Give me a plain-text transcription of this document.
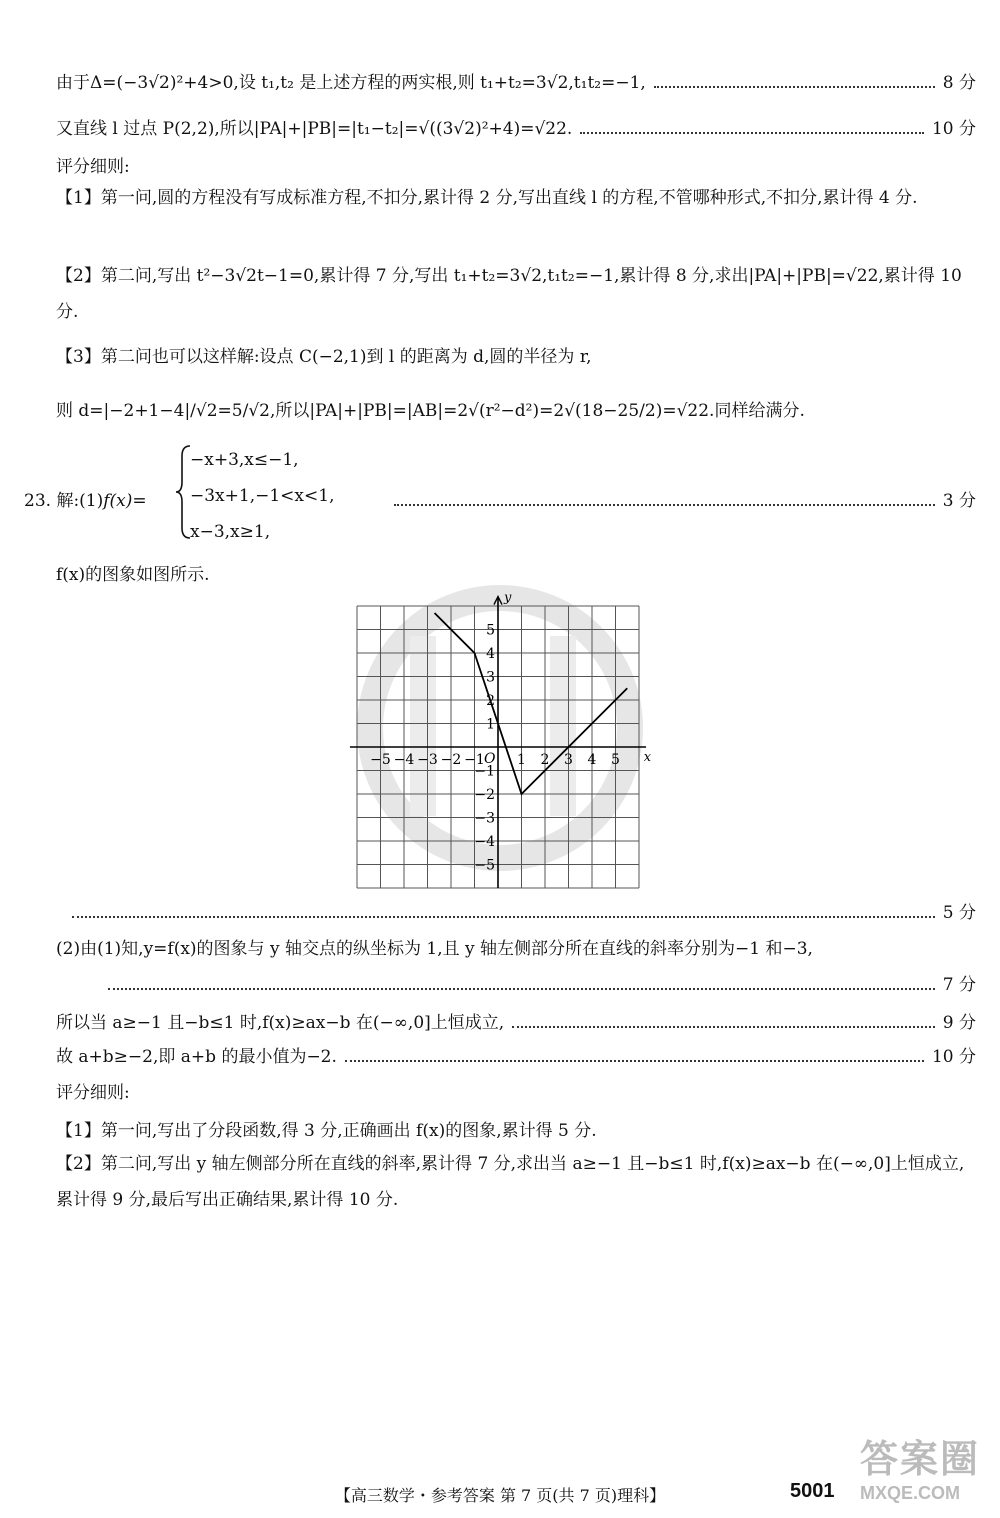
由于Δ=(−3√2)²+4>0,设 t₁,t₂ 是上述方程的两实根,则 t₁+t₂=3√2,t₁t₂=−1,	8 分
又直线 l 过点 P(2,2),所以|PA|+|PB|=|t₁−t₂|=√((3√2)²+4)=√22.	10 分
评分细则:
【1】第一问,圆的方程没有写成标准方程,不扣分,累计得 2 分,写出直线 l 的方程,不管哪种形式,不扣分,累计得 4 分.
【2】第二问,写出 t²−3√2t−1=0,累计得 7 分,写出 t₁+t₂=3√2,t₁t₂=−1,累计得 8 分,求出|PA|+|PB|=√22,累计得 10 分.
【3】第二问也可以这样解:设点 C(−2,1)到 l 的距离为 d,圆的半径为 r,
则 d=|−2+1−4|/√2=5/√2,所以|PA|+|PB|=|AB|=2√(r²−d²)=2√(18−25/2)=√22.同样给满分.
23. 解:(1)f(x)=
−x+3,x≤−1,
−3x+1,−1<x<1,
x−3,x≥1,
3 分
f(x)的图象如图所示.
x
y
O
−5 −4 −3 −2 −1 1 2 3 4 5
5
4
3
2
1
−1
−2
−3
−4
−5
5 分
(2)由(1)知,y=f(x)的图象与 y 轴交点的纵坐标为 1,且 y 轴左侧部分所在直线的斜率分别为−1 和−3,
7 分
所以当 a≥−1 且−b≤1 时,f(x)≥ax−b 在(−∞,0]上恒成立,	9 分
故 a+b≥−2,即 a+b 的最小值为−2.	10 分
评分细则:
【1】第一问,写出了分段函数,得 3 分,正确画出 f(x)的图象,累计得 5 分.
【2】第二问,写出 y 轴左侧部分所在直线的斜率,累计得 7 分,求出当 a≥−1 且−b≤1 时,f(x)≥ax−b 在(−∞,0]上恒成立,累计得 9 分,最后写出正确结果,累计得 10 分.
【高三数学・参考答案 第 7 页(共 7 页)理科】	5001
答案圈
MXQE.COM
